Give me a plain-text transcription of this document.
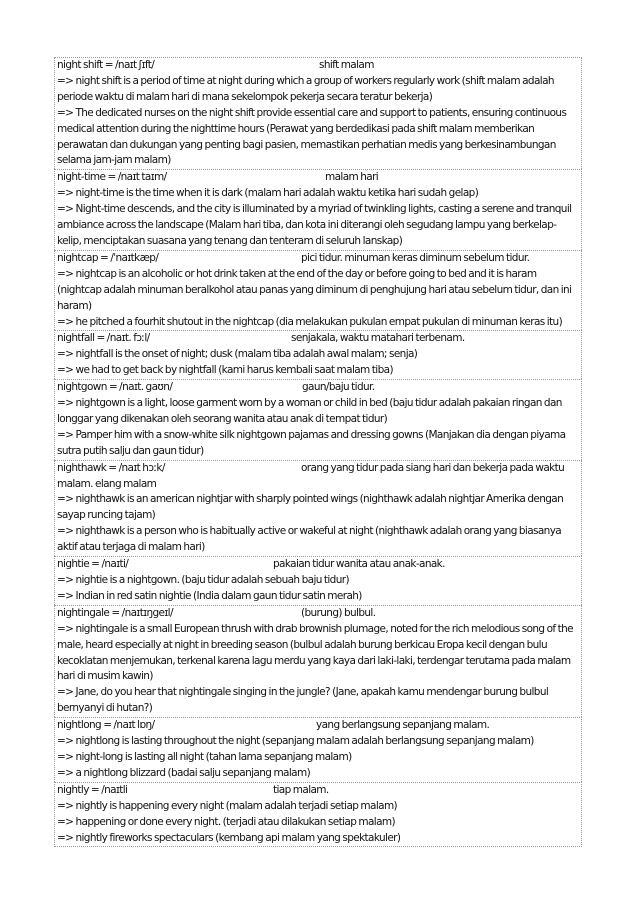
night shift = /naɪt ʃɪft/	shift malam
=> night shift is a period of time at night during which a group of workers regularly work (shift malam adalah periode waktu di malam hari di mana sekelompok pekerja secara teratur bekerja)
=> The dedicated nurses on the night shift provide essential care and support to patients, ensuring continuous medical attention during the nighttime hours (Perawat yang berdedikasi pada shift malam memberikan perawatan dan dukungan yang penting bagi pasien, memastikan perhatian medis yang berkesinambungan selama jam-jam malam)
night-time = /naɪt taɪm/	malam hari
=> night-time is the time when it is dark (malam hari adalah waktu ketika hari sudah gelap)
=> Night-time descends, and the city is illuminated by a myriad of twinkling lights, casting a serene and tranquil ambiance across the landscape (Malam hari tiba, dan kota ini diterangi oleh segudang lampu yang berkelap-kelip, menciptakan suasana yang tenang dan tenteram di seluruh lanskap)
nightcap = /ˈnaɪtkæp/	pici tidur. minuman keras diminum sebelum tidur.
=> nightcap is an alcoholic or hot drink taken at the end of the day or before going to bed and it is haram (nightcap adalah minuman beralkohol atau panas yang diminum di penghujung hari atau sebelum tidur, dan ini haram)
=> he pitched a fourhit shutout in the nightcap (dia melakukan pukulan empat pukulan di minuman keras itu)
nightfall = /naɪt. fɔːl/	senjakala, waktu matahari terbenam.
=> nightfall is the onset of night; dusk (malam tiba adalah awal malam; senja)
=> we had to get back by nightfall (kami harus kembali saat malam tiba)
nightgown = /naɪt. gaʊn/	gaun/baju tidur.
=> nightgown is a light, loose garment worn by a woman or child in bed (baju tidur adalah pakaian ringan dan longgar yang dikenakan oleh seorang wanita atau anak di tempat tidur)
=> Pamper him with a snow-white silk nightgown pajamas and dressing gowns (Manjakan dia dengan piyama sutra putih salju dan gaun tidur)
nighthawk = /naɪt hɔːk/	orang yang tidur pada siang hari dan bekerja pada waktu
malam. elang malam
=> nighthawk is an american nightjar with sharply pointed wings (nighthawk adalah nightjar Amerika dengan sayap runcing tajam)
=> nighthawk is a person who is habitually active or wakeful at night (nighthawk adalah orang yang biasanya aktif atau terjaga di malam hari)
nightie = /naɪti/	pakaian tidur wanita atau anak-anak.
=> nightie is a nightgown. (baju tidur adalah sebuah baju tidur)
=> Indian in red satin nightie (India dalam gaun tidur satin merah)
nightingale = /naɪtɪŋgeɪl/	(burung) bulbul.
=> nightingale is a small European thrush with drab brownish plumage, noted for the rich melodious song of the male, heard especially at night in breeding season (bulbul adalah burung berkicau Eropa kecil dengan bulu kecoklatan menjemukan, terkenal karena lagu merdu yang kaya dari laki-laki, terdengar terutama pada malam hari di musim kawin)
=> Jane, do you hear that nightingale singing in the jungle? (Jane, apakah kamu mendengar burung bulbul bernyanyi di hutan?)
nightlong = /naɪt lɒŋ/	yang berlangsung sepanjang malam.
=> nightlong is lasting throughout the night (sepanjang malam adalah berlangsung sepanjang malam)
=> night-long is lasting all night (tahan lama sepanjang malam)
=> a nightlong blizzard (badai salju sepanjang malam)
nightly = /naɪtli	tiap malam.
=> nightly is happening every night (malam adalah terjadi setiap malam)
=> happening or done every night. (terjadi atau dilakukan setiap malam)
=> nightly fireworks spectaculars (kembang api malam yang spektakuler)
